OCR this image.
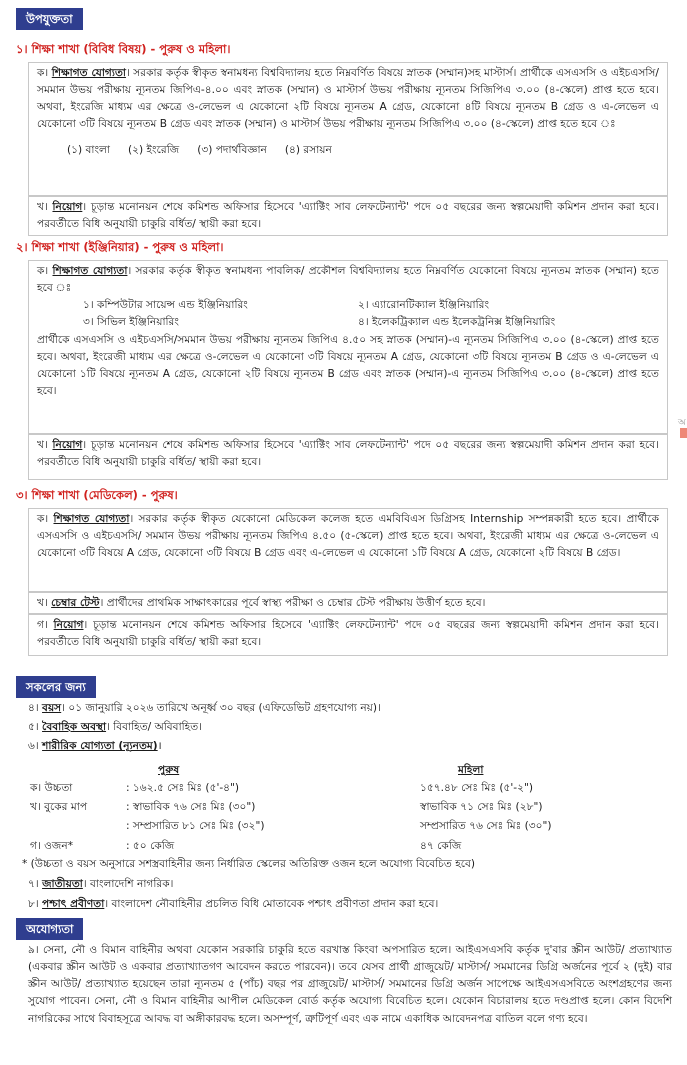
উপযুক্ততা
১। শিক্ষা শাখা (বিবিধ বিষয়) - পুরুষ ও মহিলা।

ক। শিক্ষাগত যোগ্যতা। সরকার কর্তৃক স্বীকৃত স্বনামধন্য বিশ্ববিদ্যালয় হতে নিম্নবর্ণিত বিষয়ে স্নাতক (সম্মান)সহ মাস্টার্স। প্রার্থীকে এসএসসি ও এইচএসসি/ সমমান উভয় পরীক্ষায় ন্যূনতম জিপিএ-৪.০০ এবং স্নাতক (সম্মান) ও মাস্টার্স উভয় পরীক্ষায় ন্যূনতম সিজিপিএ ৩.০০ (৪-স্কেলে) প্রাপ্ত হতে হবে। অথবা, ইংরেজি মাধ্যম এর ক্ষেত্রে ও-লেভেল এ যেকোনো ২টি বিষয়ে ন্যূনতম A গ্রেড, যেকোনো ৪টি বিষয়ে ন্যূনতম B গ্রেড ও এ-লেভেল এ যেকোনো ৩টি বিষয়ে ন্যূনতম B গ্রেড এবং স্নাতক (সম্মান) ও মাস্টার্স উভয় পরীক্ষায় ন্যূনতম সিজিপিএ ৩.০০ (৪-স্কেলে) প্রাপ্ত হতে হবে ঃ

(১) বাংলা (২) ইংরেজি (৩) পদার্থবিজ্ঞান (৪) রসায়ন

খ। নিয়োগ। চূড়ান্ত মনোনয়ন শেষে কমিশন্ড অফিসার হিসেবে 'এ্যাক্টিং সাব লেফটেন্যান্ট' পদে ০৫ বছরের জন্য স্বল্পমেয়াদী কমিশন প্রদান করা হবে। পরবর্তীতে বিধি অনুযায়ী চাকুরি বর্ধিত/ স্থায়ী করা হবে।

২। শিক্ষা শাখা (ইঞ্জিনিয়ার) - পুরুষ ও মহিলা।

ক। শিক্ষাগত যোগ্যতা। সরকার কর্তৃক স্বীকৃত স্বনামধন্য পাবলিক/ প্রকৌশল বিশ্ববিদ্যালয় হতে নিম্নবর্ণিত যেকোনো বিষয়ে ন্যূনতম স্নাতক (সম্মান) হতে হবে ঃ

১। কম্পিউটার সায়েন্স এন্ড ইঞ্জিনিয়ারিং	২। এ্যারোনটিক্যাল ইঞ্জিনিয়ারিং
৩। সিভিল ইঞ্জিনিয়ারিং	৪। ইলেকট্রিক্যাল এন্ড ইলেকট্রনিক্স ইঞ্জিনিয়ারিং

প্রার্থীকে এসএসসি ও এইচএসসি/সমমান উভয় পরীক্ষায় ন্যূনতম জিপিএ ৪.৫০ সহ স্নাতক (সম্মান)-এ ন্যূনতম সিজিপিএ ৩.০০ (৪-স্কেলে) প্রাপ্ত হতে হবে। অথবা, ইংরেজী মাধ্যম এর ক্ষেত্রে ও-লেভেল এ যেকোনো ৩টি বিষয়ে ন্যূনতম A গ্রেড, যেকোনো ৩টি বিষয়ে ন্যূনতম B গ্রেড ও এ-লেভেল এ যেকোনো ১টি বিষয়ে ন্যূনতম A গ্রেড, যেকোনো ২টি বিষয়ে ন্যূনতম B গ্রেড এবং স্নাতক (সম্মান)-এ ন্যূনতম সিজিপিএ ৩.০০ (৪-স্কেলে) প্রাপ্ত হতে হবে।

খ। নিয়োগ। চূড়ান্ত মনোনয়ন শেষে কমিশন্ড অফিসার হিসেবে 'এ্যাক্টিং সাব লেফটেন্যান্ট' পদে ০৫ বছরের জন্য স্বল্পমেয়াদী কমিশন প্রদান করা হবে। পরবর্তীতে বিধি অনুযায়ী চাকুরি বর্ধিত/ স্থায়ী করা হবে।

৩। শিক্ষা শাখা (মেডিকেল) - পুরুষ।

ক। শিক্ষাগত যোগ্যতা। সরকার কর্তৃক স্বীকৃত যেকোনো মেডিকেল কলেজ হতে এমবিবিএস ডিগ্রিসহ Internship সম্পন্নকারী হতে হবে। প্রার্থীকে এসএসসি ও এইচএসসি/ সমমান উভয় পরীক্ষায় ন্যূনতম জিপিএ ৪.৫০ (৫-স্কেলে) প্রাপ্ত হতে হবে। অথবা, ইংরেজী মাধ্যম এর ক্ষেত্রে ও-লেভেল এ যেকোনো ৩টি বিষয়ে A গ্রেড, যেকোনো ৩টি বিষয়ে B গ্রেড এবং এ-লেভেল এ যেকোনো ১টি বিষয়ে A গ্রেড, যেকোনো ২টি বিষয়ে B গ্রেড।

খ। চেম্বার টেস্ট। প্রার্থীদের প্রাথমিক সাক্ষাৎকারের পূর্বে স্বাস্থ্য পরীক্ষা ও চেম্বার টেস্ট পরীক্ষায় উত্তীর্ণ হতে হবে।

গ। নিয়োগ। চূড়ান্ত মনোনয়ন শেষে কমিশন্ড অফিসার হিসেবে 'এ্যাক্টিং লেফটেন্যান্ট' পদে ০৫ বছরের জন্য স্বল্পমেয়াদী কমিশন প্রদান করা হবে। পরবর্তীতে বিধি অনুযায়ী চাকুরি বর্ধিত/ স্থায়ী করা হবে।

সকলের জন্য
৪। বয়স। ০১ জানুয়ারি ২০২৬ তারিখে অনূর্ধ্ব ৩০ বছর (এফিডেভিট গ্রহণযোগ্য নয়)।
৫। বৈবাহিক অবস্থা। বিবাহিত/ অবিবাহিত।
৬। শারীরিক যোগ্যতা (ন্যূনতম)।
পুরুষ	মহিলা
ক। উচ্চতা	: ১৬২.৫ সেঃ মিঃ (৫'-৪")	১৫৭.৪৮ সেঃ মিঃ (৫'-২")
খ। বুকের মাপ	: স্বাভাবিক ৭৬ সেঃ মিঃ (৩০")	স্বাভাবিক ৭১ সেঃ মিঃ (২৮")
: সম্প্রসারিত ৮১ সেঃ মিঃ (৩২")	সম্প্রসারিত ৭৬ সেঃ মিঃ (৩০")
গ। ওজন*	: ৫০ কেজি	৪৭ কেজি
* (উচ্চতা ও বয়স অনুসারে সশস্ত্রবাহিনীর জন্য নির্ধারিত স্কেলের অতিরিক্ত ওজন হলে অযোগ্য বিবেচিত হবে)
৭। জাতীয়তা। বাংলাদেশি নাগরিক।
৮। পশ্চাৎ প্রবীণতা। বাংলাদেশ নৌবাহিনীর প্রচলিত বিধি মোতাবেক পশ্চাৎ প্রবীণতা প্রদান করা হবে।
অযোগ্যতা

৯। সেনা, নৌ ও বিমান বাহিনীর অথবা যেকোন সরকারি চাকুরি হতে বরখাস্ত কিংবা অপসারিত হলে। আইএসএসবি কর্তৃক দু'বার স্ক্রীন আউট/ প্রত্যাখ্যাত (একবার স্ক্রীন আউট ও একবার প্রত্যাখ্যাতগণ আবেদন করতে পারবেন)। তবে যেসব প্রার্থী গ্রাজুয়েট/ মাস্টার্স/ সমমানের ডিগ্রি অর্জনের পূর্বে ২ (দুই) বার স্ক্রীন আউট/ প্রত্যাখ্যাত হয়েছেন তারা ন্যূনতম ৫ (পাঁচ) বছর পর গ্রাজুয়েট/ মাস্টার্স/ সমমানের ডিগ্রি অর্জন সাপেক্ষে আইএসএসবিতে অংশগ্রহণের জন্য সুযোগ পাবেন। সেনা, নৌ ও বিমান বাহিনীর আপীল মেডিকেল বোর্ড কর্তৃক অযোগ্য বিবেচিত হলে। যেকোন বিচারালয় হতে দণ্ডপ্রাপ্ত হলে। কোন বিদেশি নাগরিকের সাথে বিবাহসূত্রে আবদ্ধ বা অঙ্গীকারবদ্ধ হলে। অসম্পূর্ণ, ত্রুটিপূর্ণ এবং এক নামে একাধিক আবেদনপত্র বাতিল বলে গণ্য হবে।

অ
